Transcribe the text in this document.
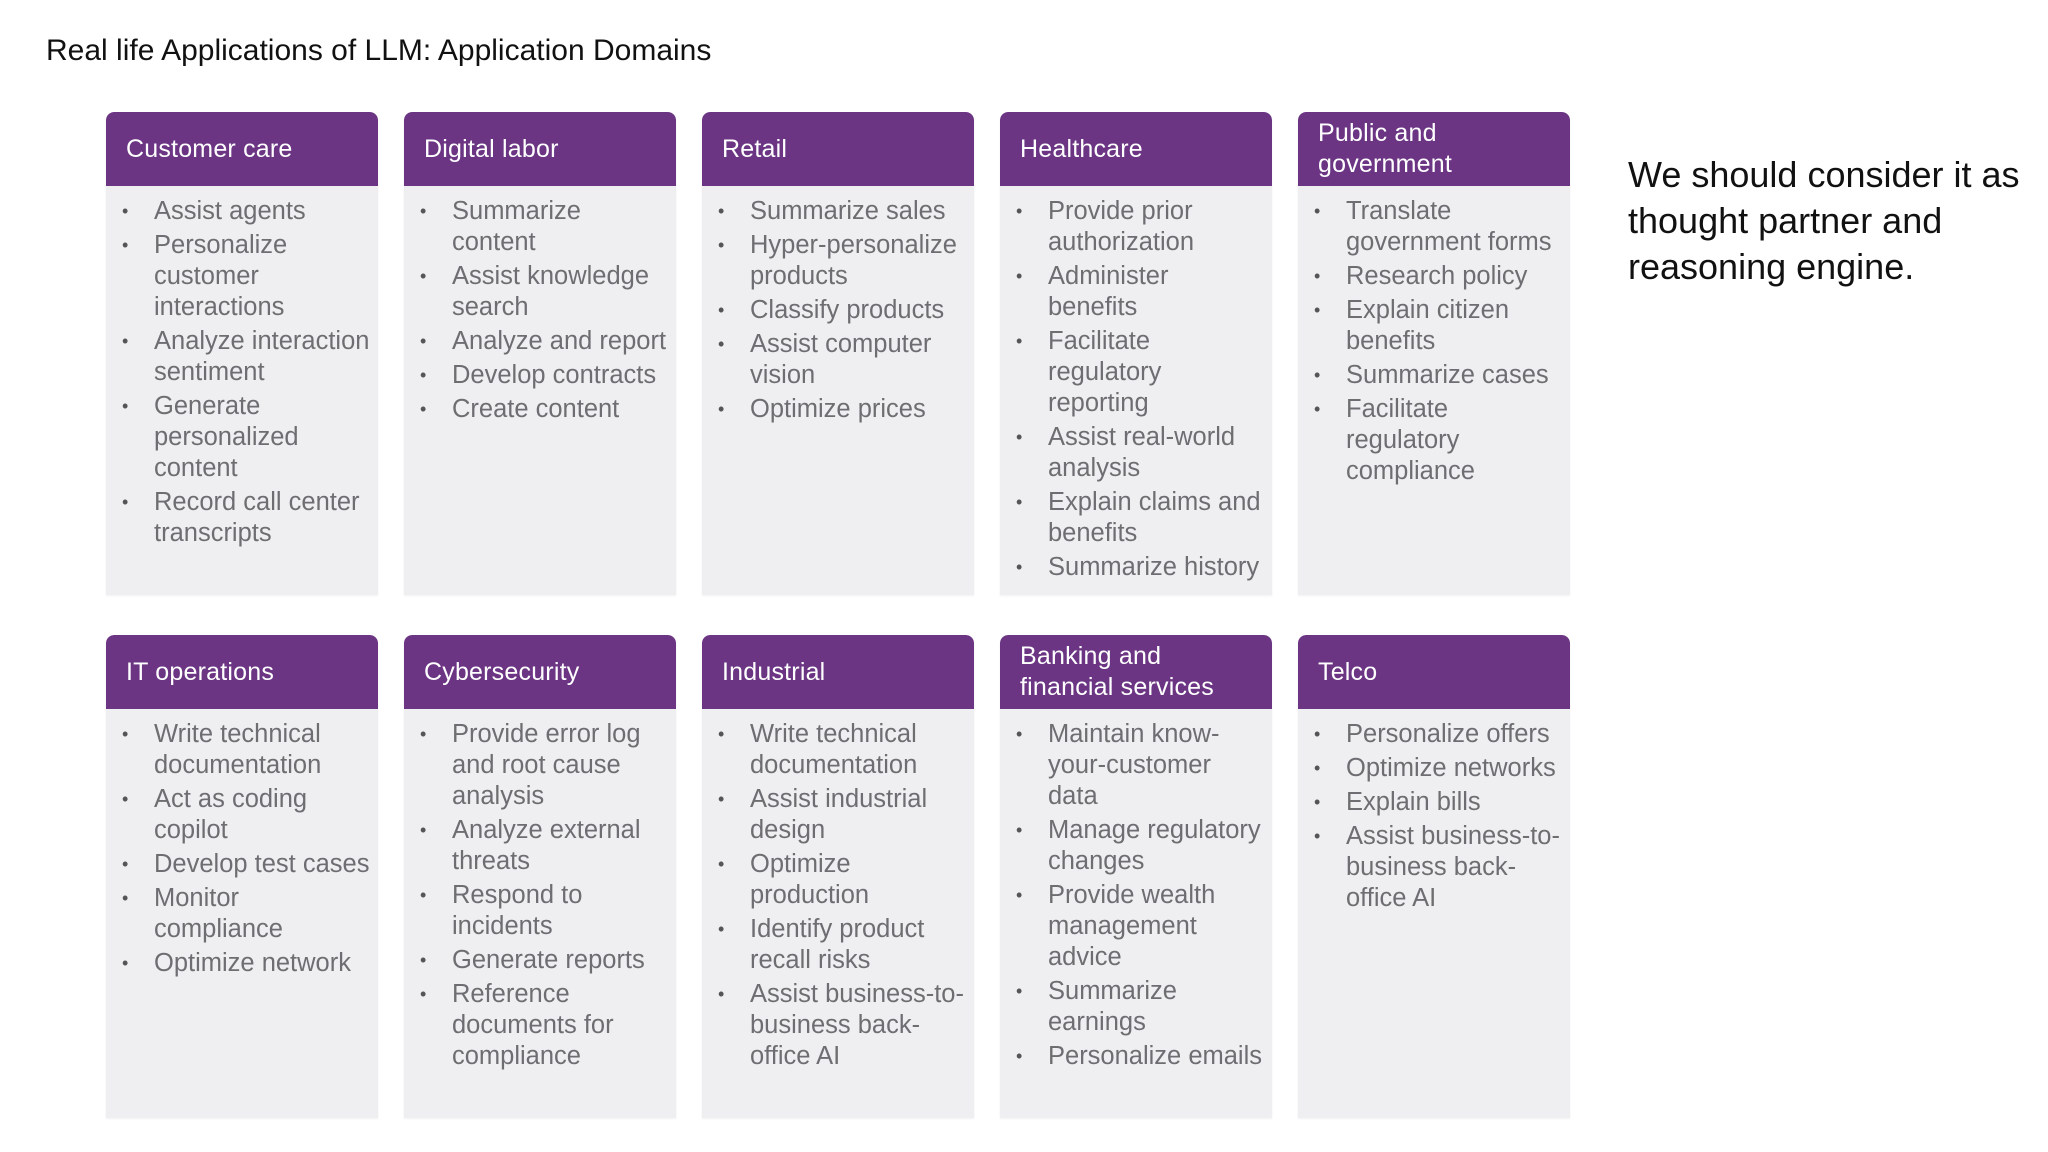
Real life Applications of LLM: Application Domains
Customer care
•	Assist agents
•	Personalize customer interactions
•	Analyze interaction sentiment
•	Generate personalized content
•	Record call center transcripts
Digital labor
•	Summarize content
•	Assist knowledge search
•	Analyze and report
•	Develop contracts
•	Create content
Retail
•	Summarize sales
•	Hyper-personalize products
•	Classify products
•	Assist computer vision
•	Optimize prices
Healthcare
•	Provide prior authorization
•	Administer benefits
•	Facilitate regulatory reporting
•	Assist real-world analysis
•	Explain claims and benefits
•	Summarize history
Public and government
•	Translate government forms
•	Research policy
•	Explain citizen benefits
•	Summarize cases
•	Facilitate regulatory compliance
IT operations
•	Write technical documentation
•	Act as coding copilot
•	Develop test cases
•	Monitor compliance
•	Optimize network
Cybersecurity
•	Provide error log and root cause analysis
•	Analyze external threats
•	Respond to incidents
•	Generate reports
•	Reference documents for compliance
Industrial
•	Write technical documentation
•	Assist industrial design
•	Optimize production
•	Identify product recall risks
•	Assist business-to-business back-office AI
Banking and financial services
•	Maintain know-your-customer data
•	Manage regulatory changes
•	Provide wealth management advice
•	Summarize earnings
•	Personalize emails
Telco
•	Personalize offers
•	Optimize networks
•	Explain bills
•	Assist business-to-business back-office AI

We should consider it as thought partner and reasoning engine.
